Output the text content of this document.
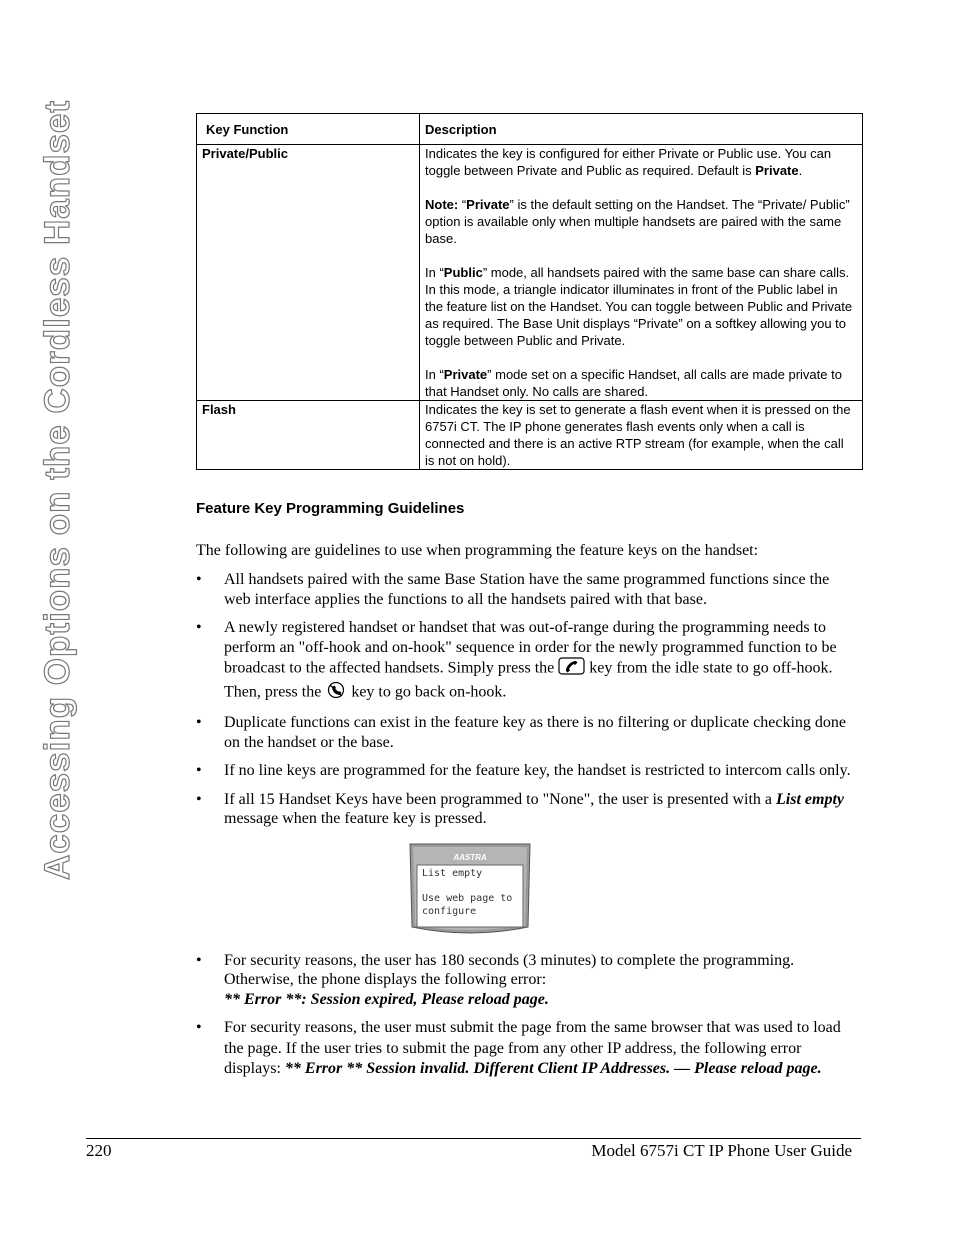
Accessing Options on the Cordless Handset	Key Function	Description
Private/Public	Indicates the key is configured for either Private or Public use. You can toggle between Private and Public as required. Default is Private.

Note: “Private” is the default setting on the Handset. The “Private/ Public” option is available only when multiple handsets are paired with the same base.

In “Public” mode, all handsets paired with the same base can share calls. In this mode, a triangle indicator illuminates in front of the Public label in the feature list on the Handset. You can toggle between Public and Private as required. The Base Unit displays “Private” on a softkey allowing you to toggle between Public and Private.

In “Private” mode set on a specific Handset, all calls are made private to that Handset only. No calls are shared.

Flash	Indicates the key is set to generate a flash event when it is pressed on the 6757i CT. The IP phone generates flash events only when a call is connected and there is an active RTP stream (for example, when the call is not on hold).

Feature Key Programming Guidelines

The following are guidelines to use when programming the feature keys on the handset:

• All handsets paired with the same Base Station have the same programmed functions since the web interface applies the functions to all the handsets paired with that base.
• A newly registered handset or handset that was out-of-range during the programming needs to perform an "off-hook and on-hook" sequence in order for the newly programmed function to be broadcast to the affected handsets. Simply press the  key from the idle state to go off-hook. Then, press the  key to go back on-hook.
• Duplicate functions can exist in the feature key as there is no filtering or duplicate checking done on the handset or the base.
• If no line keys are programmed for the feature key, the handset is restricted to intercom calls only.
• If all 15 Handset Keys have been programmed to "None", the user is presented with a List empty message when the feature key is pressed.
• For security reasons, the user has 180 seconds (3 minutes) to complete the programming. Otherwise, the phone displays the following error:
** Error **: Session expired, Please reload page.
• For security reasons, the user must submit the page from the same browser that was used to load the page. If the user tries to submit the page from any other IP address, the following error displays: ** Error ** Session invalid. Different Client IP Addresses. — Please reload page.
AASTRA
List empty
Use web page to
configure
220	Model 6757i CT IP Phone User Guide
